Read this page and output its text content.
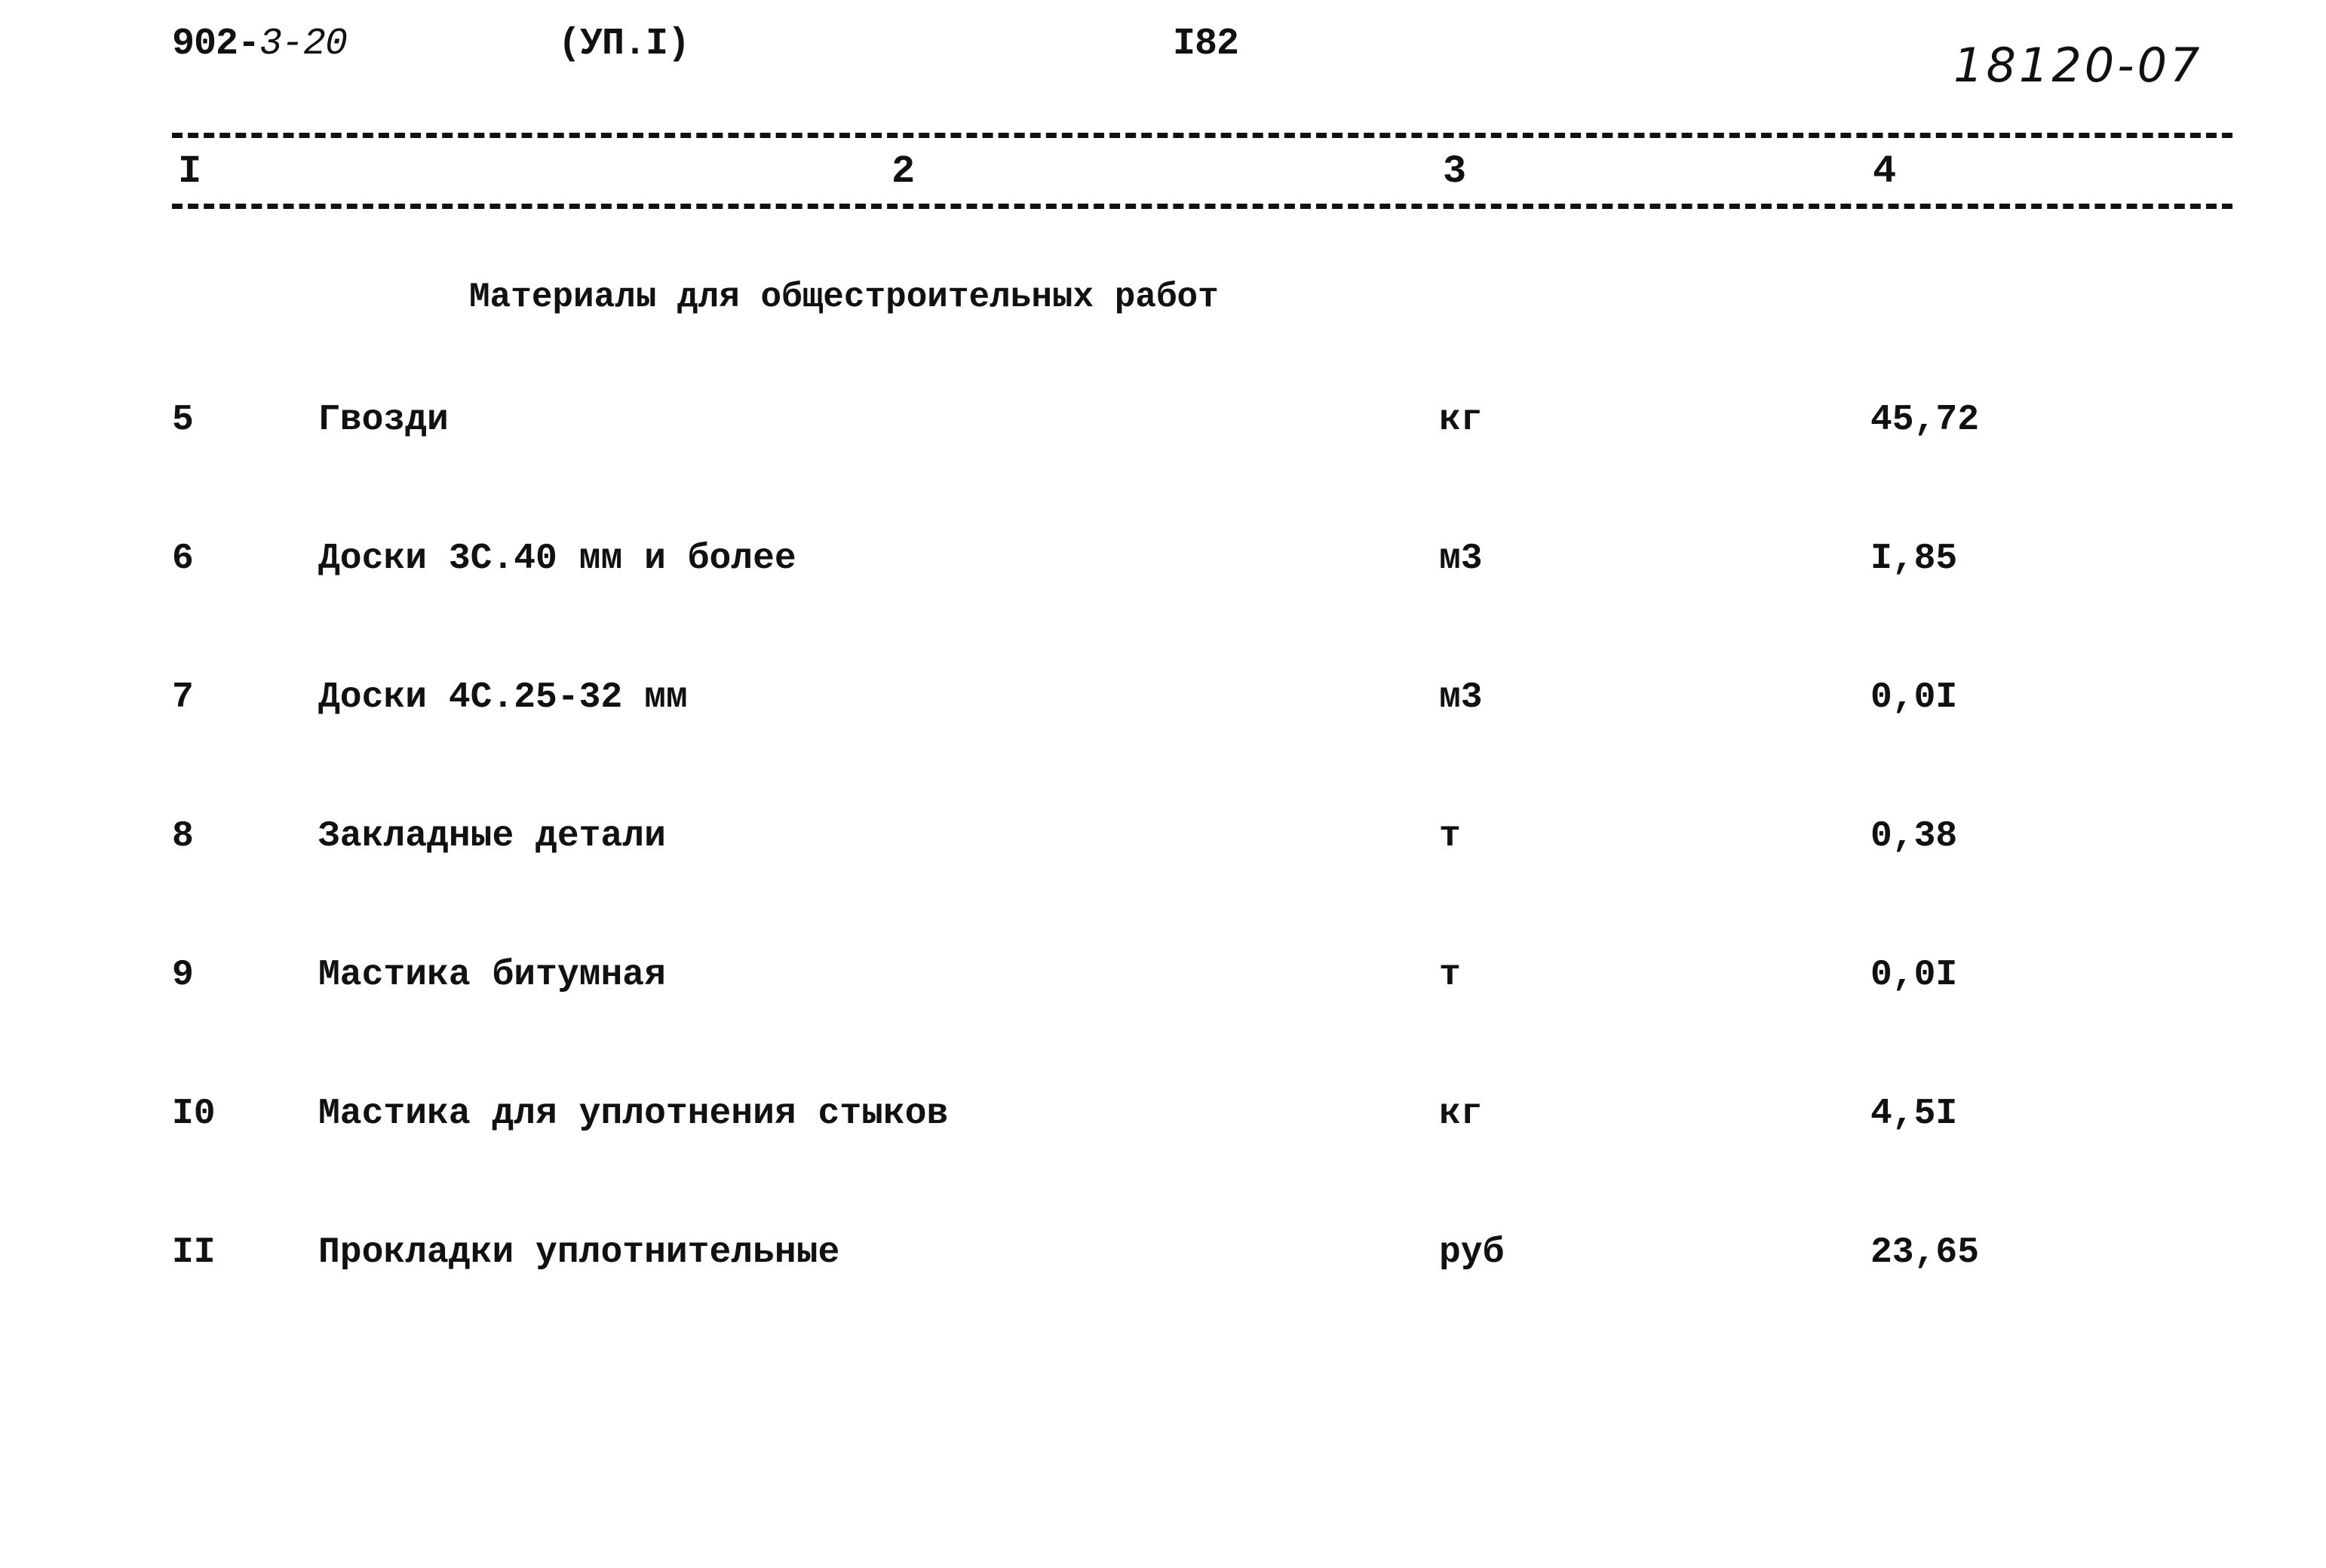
902-3-20	(УП.I)	I82	18120-07
I	2	3	4
Материалы для общестроительных работ
5	Гвозди	кг	45,72
6	Доски 3С.40 мм и более	м3	I,85
7	Доски 4С.25-32 мм	м3	0,0I
8	Закладные детали	т	0,38
9	Мастика битумная	т	0,0I
I0	Мастика для уплотнения стыков	кг	4,5I
II	Прокладки уплотнительные	руб	23,65
